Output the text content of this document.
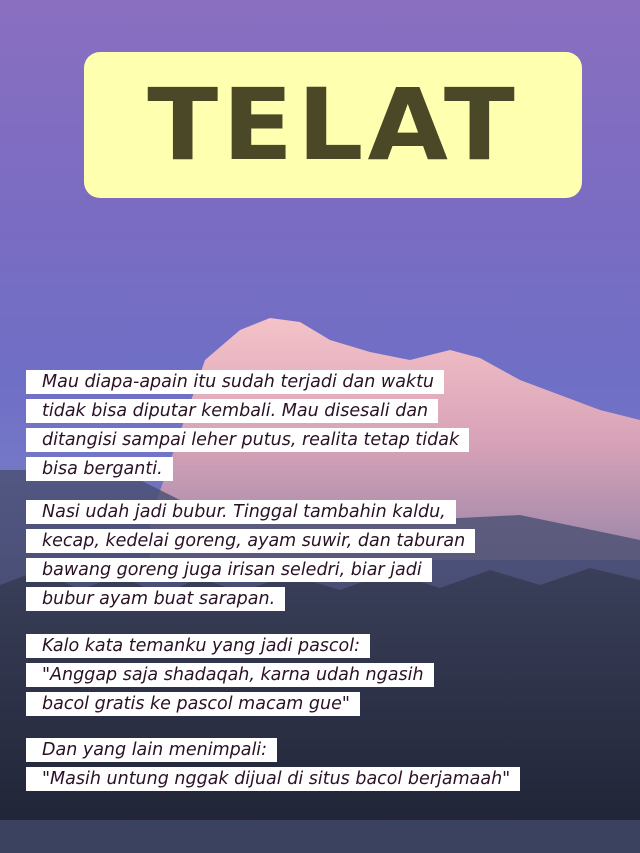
TELAT
Mau diapa-apain itu sudah terjadi dan waktu
tidak bisa diputar kembali. Mau disesali dan
ditangisi sampai leher putus, realita tetap tidak
bisa berganti.
Nasi udah jadi bubur. Tinggal tambahin kaldu,
kecap, kedelai goreng, ayam suwir, dan taburan
bawang goreng juga irisan seledri, biar jadi
bubur ayam buat sarapan.
Kalo kata temanku yang jadi pascol:
"Anggap saja shadaqah, karna udah ngasih
bacol gratis ke pascol macam gue"
Dan yang lain menimpali:
"Masih untung nggak dijual di situs bacol berjamaah"
